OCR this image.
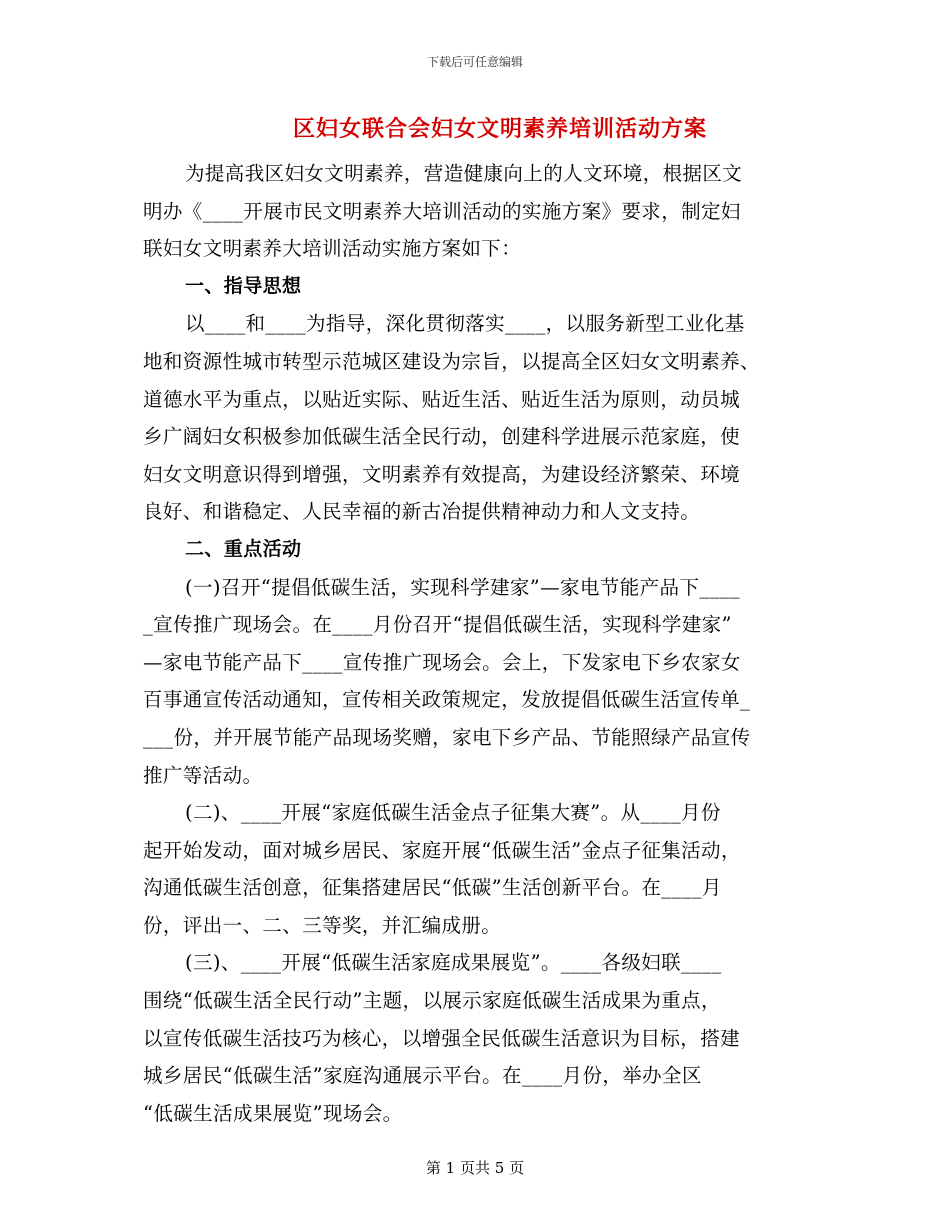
下载后可任意编辑
区妇女联合会妇女文明素养培训活动方案
为提高我区妇女文明素养，营造健康向上的人文环境，根据区文
明办《____开展市民文明素养大培训活动的实施方案》要求，制定妇
联妇女文明素养大培训活动实施方案如下：
一、指导思想
以____和____为指导，深化贯彻落实____，以服务新型工业化基
地和资源性城市转型示范城区建设为宗旨，以提高全区妇女文明素养、
道德水平为重点，以贴近实际、贴近生活、贴近生活为原则，动员城
乡广阔妇女积极参加低碳生活全民行动，创建科学进展示范家庭，使
妇女文明意识得到增强，文明素养有效提高，为建设经济繁荣、环境
良好、和谐稳定、人民幸福的新古冶提供精神动力和人文支持。
二、重点活动
(一)召开“提倡低碳生活，实现科学建家”—家电节能产品下____
_宣传推广现场会。在____月份召开“提倡低碳生活，实现科学建家”
—家电节能产品下____宣传推广现场会。会上，下发家电下乡农家女
百事通宣传活动通知，宣传相关政策规定，发放提倡低碳生活宣传单_
___份，并开展节能产品现场奖赠，家电下乡产品、节能照绿产品宣传
推广等活动。
(二)、____开展“家庭低碳生活金点子征集大赛”。从____月份
起开始发动，面对城乡居民、家庭开展“低碳生活”金点子征集活动，
沟通低碳生活创意，征集搭建居民“低碳”生活创新平台。在____月
份，评出一、二、三等奖，并汇编成册。
(三)、____开展“低碳生活家庭成果展览”。____各级妇联____
围绕“低碳生活全民行动”主题，以展示家庭低碳生活成果为重点，
以宣传低碳生活技巧为核心，以增强全民低碳生活意识为目标，搭建
城乡居民“低碳生活”家庭沟通展示平台。在____月份，举办全区
“低碳生活成果展览”现场会。
第 1 页共 5 页
